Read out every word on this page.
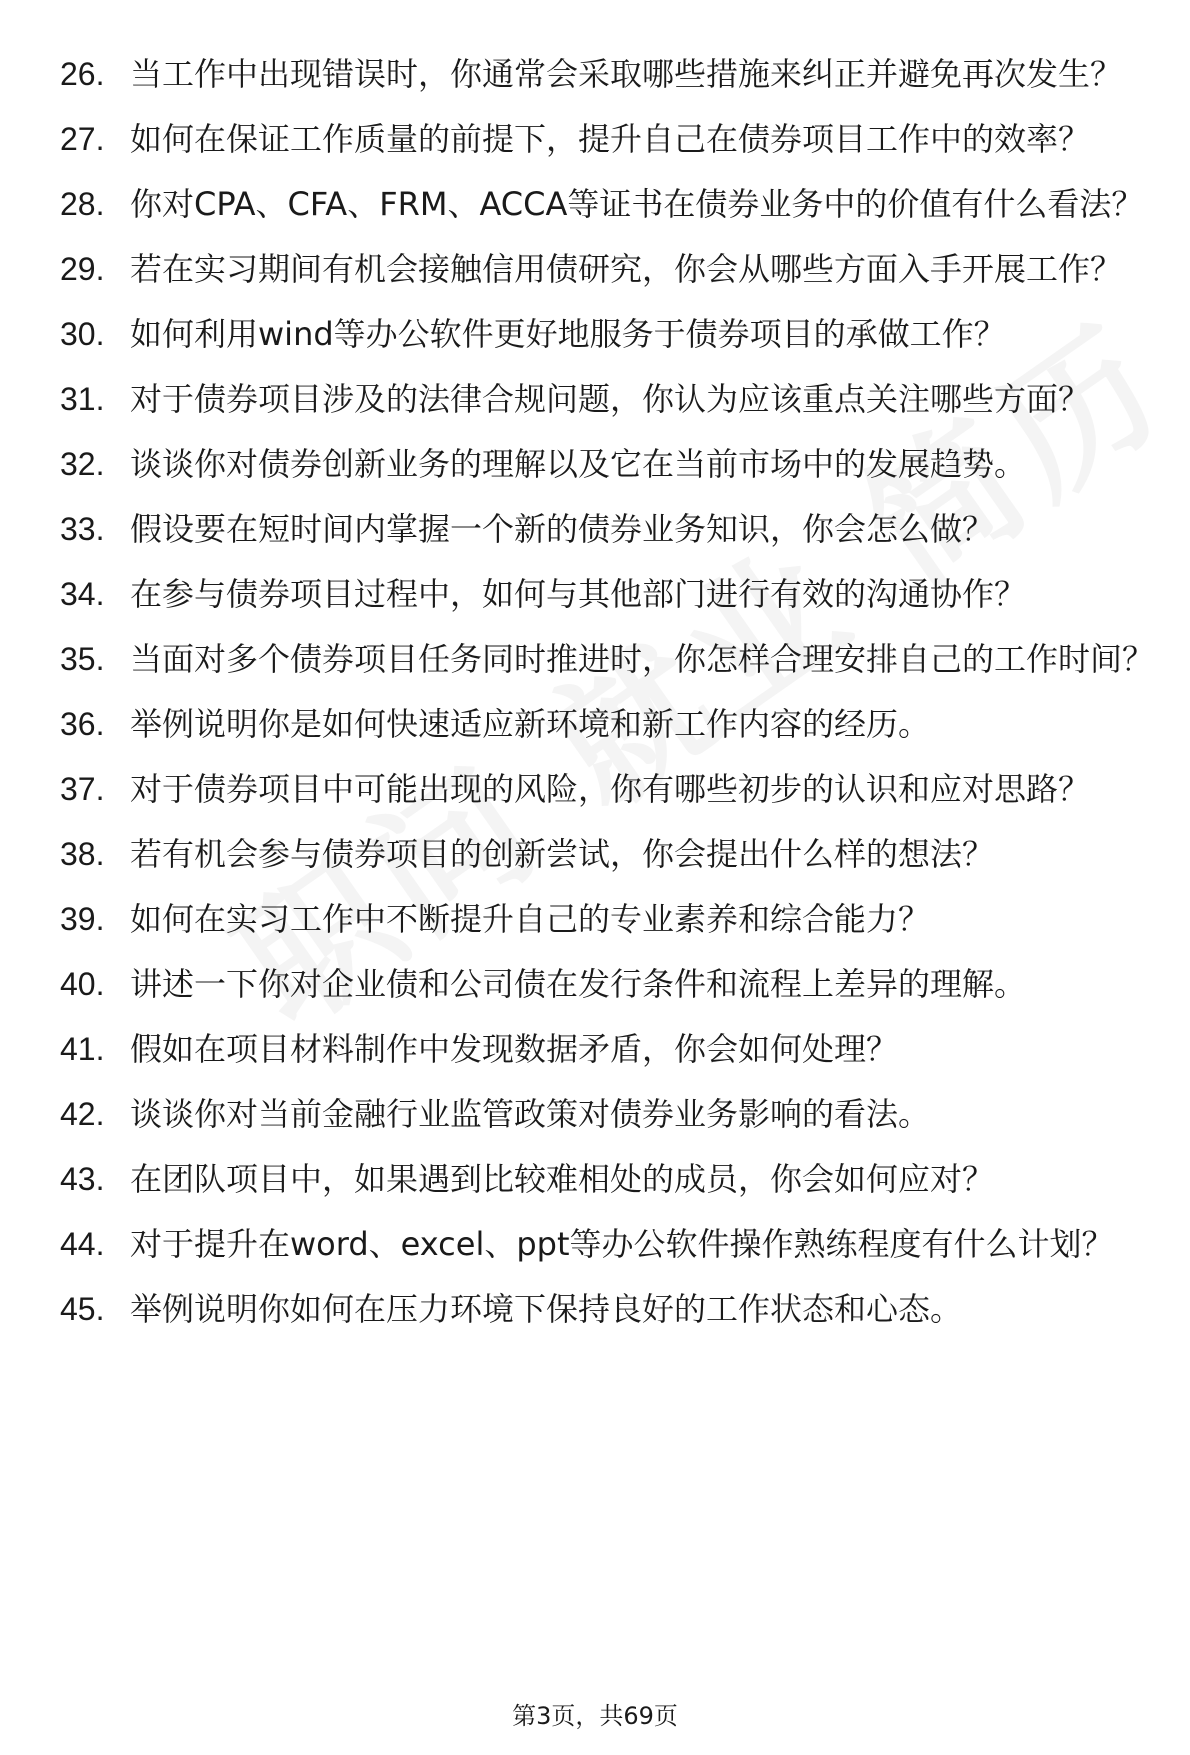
26. 当工作中出现错误时，你通常会采取哪些措施来纠正并避免再次发生？
27. 如何在保证工作质量的前提下，提升自己在债券项目工作中的效率？
28. 你对CPA、CFA、FRM、ACCA等证书在债券业务中的价值有什么看法？
29. 若在实习期间有机会接触信用债研究，你会从哪些方面入手开展工作？
30. 如何利用wind等办公软件更好地服务于债券项目的承做工作？
31. 对于债券项目涉及的法律合规问题，你认为应该重点关注哪些方面？
32. 谈谈你对债券创新业务的理解以及它在当前市场中的发展趋势。
33. 假设要在短时间内掌握一个新的债券业务知识，你会怎么做？
34. 在参与债券项目过程中，如何与其他部门进行有效的沟通协作？
35. 当面对多个债券项目任务同时推进时，你怎样合理安排自己的工作时间？
36. 举例说明你是如何快速适应新环境和新工作内容的经历。
37. 对于债券项目中可能出现的风险，你有哪些初步的认识和应对思路？
38. 若有机会参与债券项目的创新尝试，你会提出什么样的想法？
39. 如何在实习工作中不断提升自己的专业素养和综合能力？
40. 讲述一下你对企业债和公司债在发行条件和流程上差异的理解。
41. 假如在项目材料制作中发现数据矛盾，你会如何处理？
42. 谈谈你对当前金融行业监管政策对债券业务影响的看法。
43. 在团队项目中，如果遇到比较难相处的成员，你会如何应对？
44. 对于提升在word、excel、ppt等办公软件操作熟练程度有什么计划？
45. 举例说明你如何在压力环境下保持良好的工作状态和心态。
第3页，共69页
